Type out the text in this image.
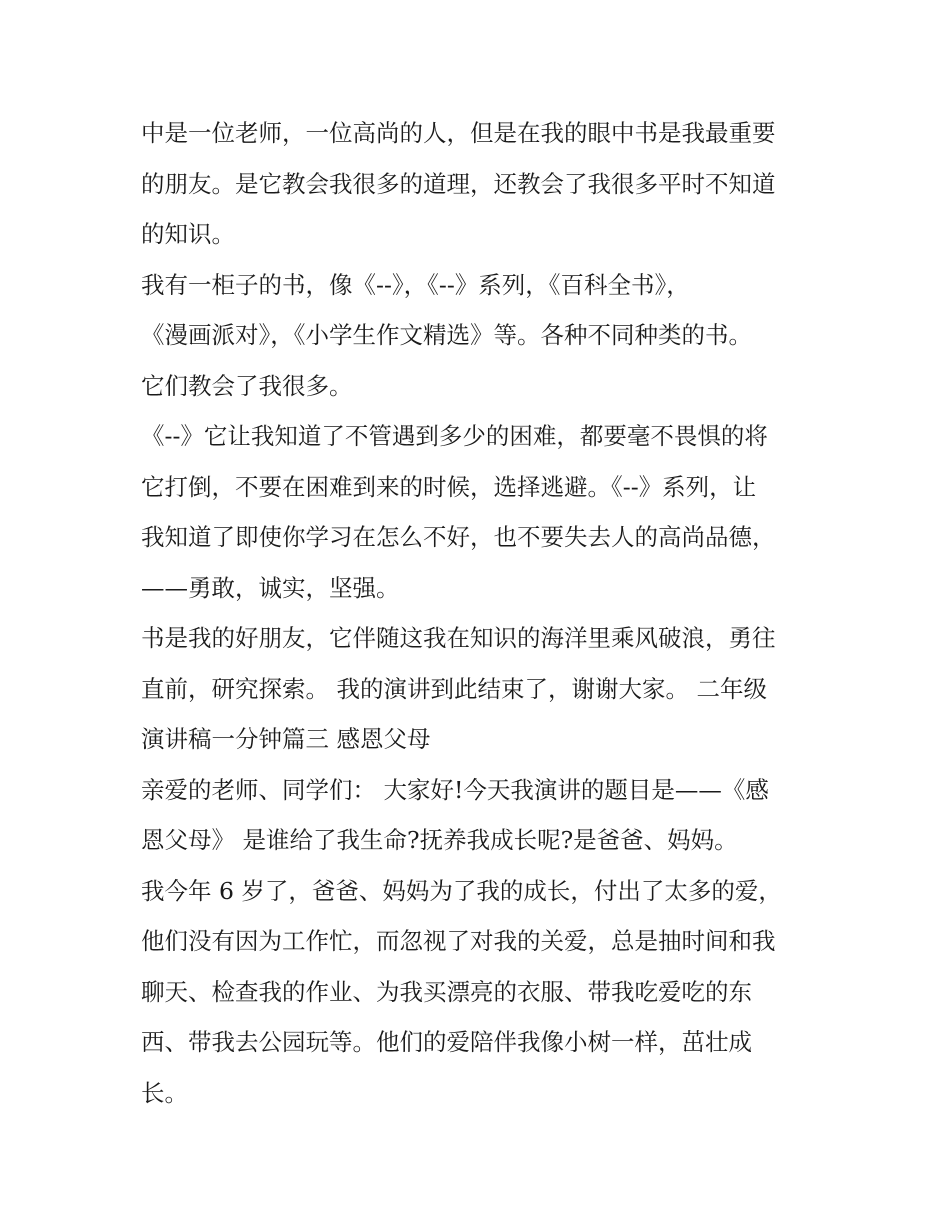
中是一位老师，一位高尚的人，但是在我的眼中书是我最重要
的朋友。是它教会我很多的道理，还教会了我很多平时不知道
的知识。

我有一柜子的书，像《--》，《--》系列，《百科全书》，
《漫画派对》，《小学生作文精选》等。各种不同种类的书。
它们教会了我很多。

《--》它让我知道了不管遇到多少的困难，都要毫不畏惧的将
它打倒，不要在困难到来的时候，选择逃避。《--》系列，让
我知道了即使你学习在怎么不好，也不要失去人的高尚品德，
——勇敢，诚实，坚强。

书是我的好朋友，它伴随这我在知识的海洋里乘风破浪，勇往
直前，研究探索。 我的演讲到此结束了，谢谢大家。 二年级
演讲稿一分钟篇三 感恩父母

亲爱的老师、同学们： 大家好!今天我演讲的题目是——《感
恩父母》 是谁给了我生命?抚养我成长呢?是爸爸、妈妈。

我今年 6 岁了，爸爸、妈妈为了我的成长，付出了太多的爱，
他们没有因为工作忙，而忽视了对我的关爱，总是抽时间和我
聊天、检查我的作业、为我买漂亮的衣服、带我吃爱吃的东
西、带我去公园玩等。他们的爱陪伴我像小树一样，茁壮成
长。
